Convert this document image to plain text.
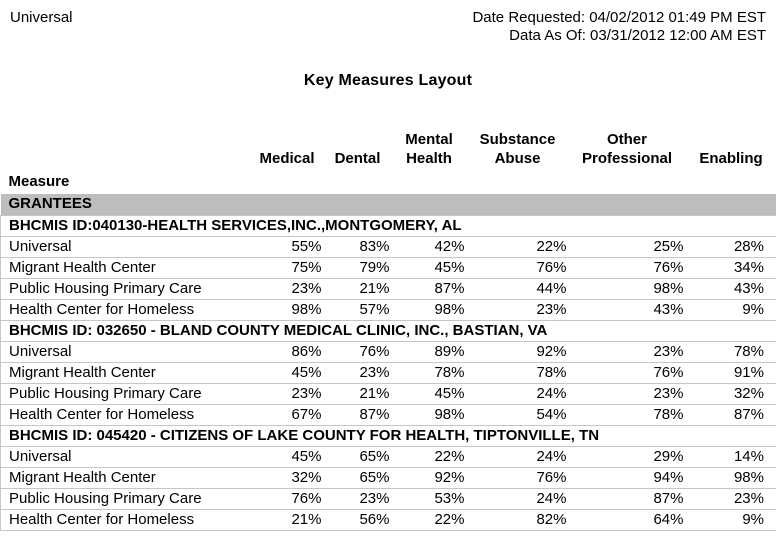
Universal	Date Requested: 04/02/2012 01:49 PM EST
Data As Of: 03/31/2012 12:00 AM EST
Key Measures Layout
	Medical	Dental	Mental Health	Substance Abuse	Other Professional	Enabling
Measure						
GRANTEES						
BHCMIS ID:040130-HEALTH SERVICES,INC.,MONTGOMERY, AL						
Universal	55%	83%	42%	22%	25%	28%
Migrant Health Center	75%	79%	45%	76%	76%	34%
Public Housing Primary Care	23%	21%	87%	44%	98%	43%
Health Center for Homeless	98%	57%	98%	23%	43%	9%
BHCMIS ID: 032650 - BLAND COUNTY MEDICAL CLINIC, INC., BASTIAN, VA						
Universal	86%	76%	89%	92%	23%	78%
Migrant Health Center	45%	23%	78%	78%	76%	91%
Public Housing Primary Care	23%	21%	45%	24%	23%	32%
Health Center for Homeless	67%	87%	98%	54%	78%	87%
BHCMIS ID: 045420 - CITIZENS OF LAKE COUNTY FOR HEALTH, TIPTONVILLE, TN						
Universal	45%	65%	22%	24%	29%	14%
Migrant Health Center	32%	65%	92%	76%	94%	98%
Public Housing Primary Care	76%	23%	53%	24%	87%	23%
Health Center for Homeless	21%	56%	22%	82%	64%	9%
